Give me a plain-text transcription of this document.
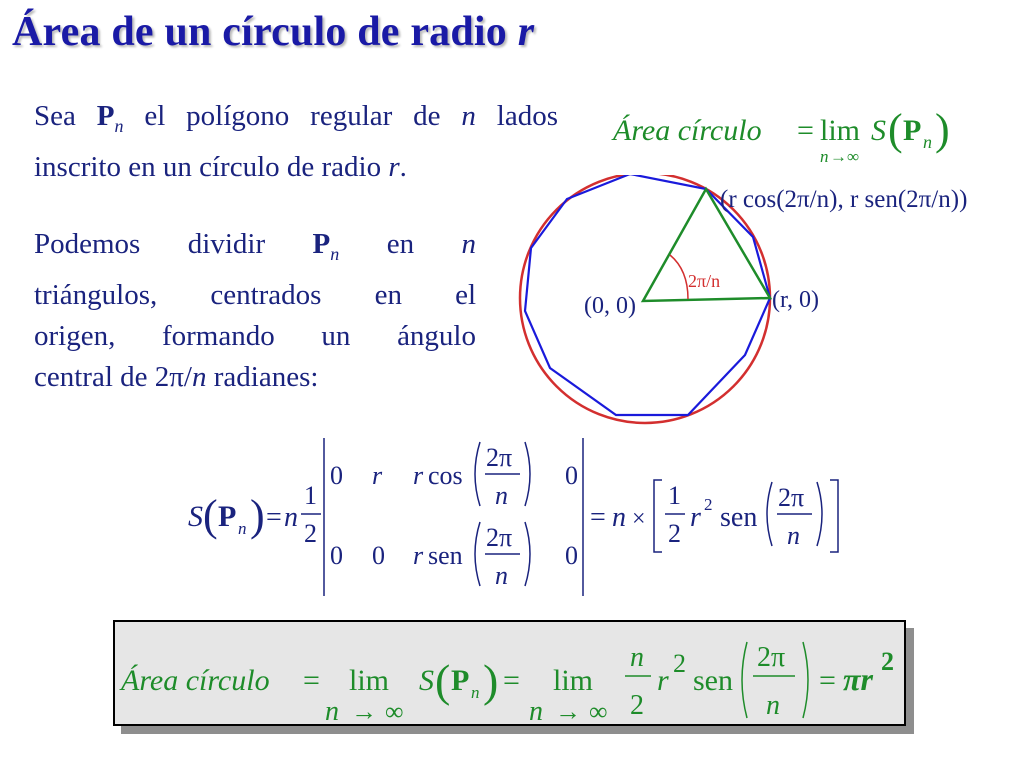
Área de un círculo de radio r
Sea $P_n$ el polígono regular de n lados
inscrito en un círculo de radio r.
Podemos dividir $P_n$ en n
triángulos, centrados en el
origen, formando un ángulo
central de 2π/n radianes:
Área círculo = lim
n → ∞
S ( P n )
2π/n
(0, 0)	(r, 0)
(r cos(2π/n), r sen(2π/n))
S ( P n ) = n
1
2
0 r r cos
2π
n
0
0 0 r sen
2π
n
0
= n ×
1
2
r 2 sen
2π
n
Área círculo = lim
n → ∞
S ( P n ) = lim
n → ∞
n
2
r
2
sen
2π
n
= πr 2
